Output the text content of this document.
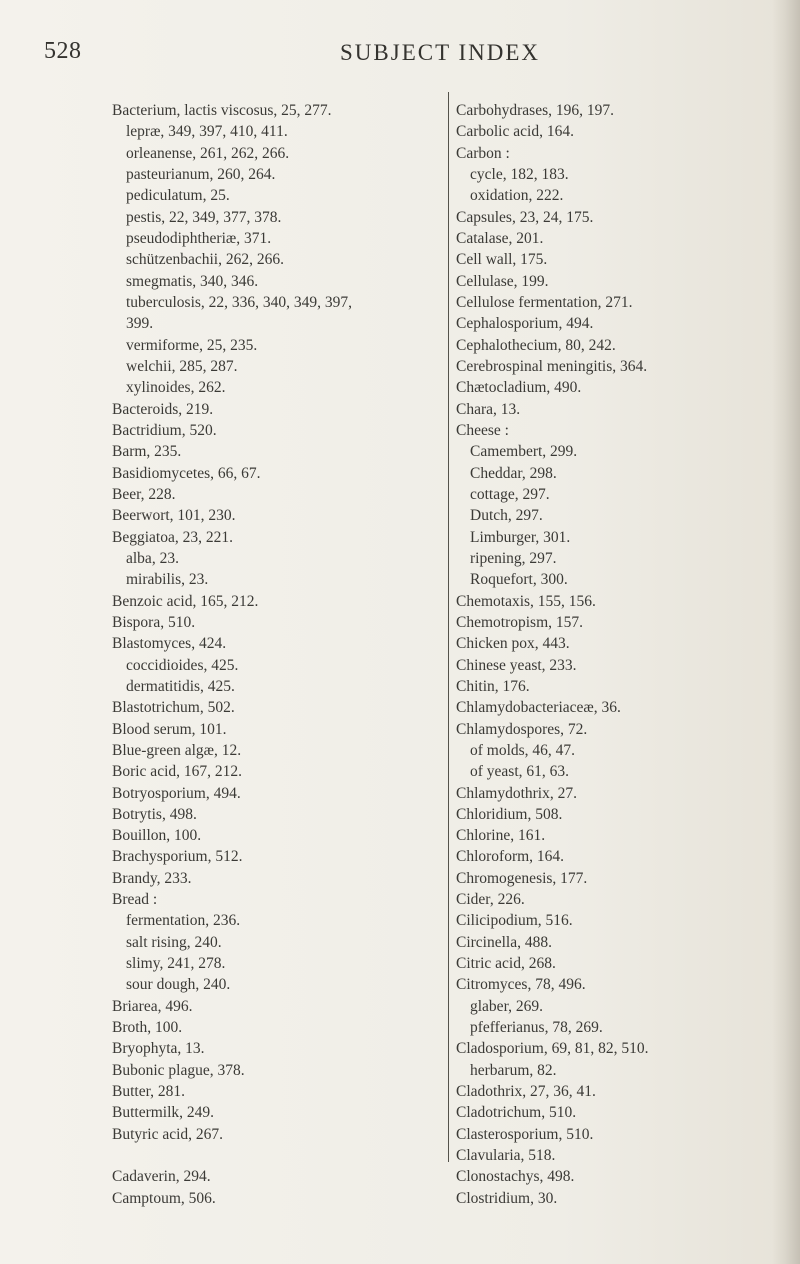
528	SUBJECT INDEX
Bacterium, lactis viscosus, 25, 277.
lepræ, 349, 397, 410, 411.
orleanense, 261, 262, 266.
pasteurianum, 260, 264.
pediculatum, 25.
pestis, 22, 349, 377, 378.
pseudodiphtheriæ, 371.
schützenbachii, 262, 266.
smegmatis, 340, 346.
tuberculosis, 22, 336, 340, 349, 397,
399.
vermiforme, 25, 235.
welchii, 285, 287.
xylinoides, 262.
Bacteroids, 219.
Bactridium, 520.
Barm, 235.
Basidiomycetes, 66, 67.
Beer, 228.
Beerwort, 101, 230.
Beggiatoa, 23, 221.
alba, 23.
mirabilis, 23.
Benzoic acid, 165, 212.
Bispora, 510.
Blastomyces, 424.
coccidioides, 425.
dermatitidis, 425.
Blastotrichum, 502.
Blood serum, 101.
Blue-green algæ, 12.
Boric acid, 167, 212.
Botryosporium, 494.
Botrytis, 498.
Bouillon, 100.
Brachysporium, 512.
Brandy, 233.
Bread :
fermentation, 236.
salt rising, 240.
slimy, 241, 278.
sour dough, 240.
Briarea, 496.
Broth, 100.
Bryophyta, 13.
Bubonic plague, 378.
Butter, 281.
Buttermilk, 249.
Butyric acid, 267.
Cadaverin, 294.
Camptoum, 506.
Carbohydrases, 196, 197.
Carbolic acid, 164.
Carbon :
cycle, 182, 183.
oxidation, 222.
Capsules, 23, 24, 175.
Catalase, 201.
Cell wall, 175.
Cellulase, 199.
Cellulose fermentation, 271.
Cephalosporium, 494.
Cephalothecium, 80, 242.
Cerebrospinal meningitis, 364.
Chætocladium, 490.
Chara, 13.
Cheese :
Camembert, 299.
Cheddar, 298.
cottage, 297.
Dutch, 297.
Limburger, 301.
ripening, 297.
Roquefort, 300.
Chemotaxis, 155, 156.
Chemotropism, 157.
Chicken pox, 443.
Chinese yeast, 233.
Chitin, 176.
Chlamydobacteriaceæ, 36.
Chlamydospores, 72.
of molds, 46, 47.
of yeast, 61, 63.
Chlamydothrix, 27.
Chloridium, 508.
Chlorine, 161.
Chloroform, 164.
Chromogenesis, 177.
Cider, 226.
Cilicipodium, 516.
Circinella, 488.
Citric acid, 268.
Citromyces, 78, 496.
glaber, 269.
pfefferianus, 78, 269.
Cladosporium, 69, 81, 82, 510.
herbarum, 82.
Cladothrix, 27, 36, 41.
Cladotrichum, 510.
Clasterosporium, 510.
Clavularia, 518.
Clonostachys, 498.
Clostridium, 30.
